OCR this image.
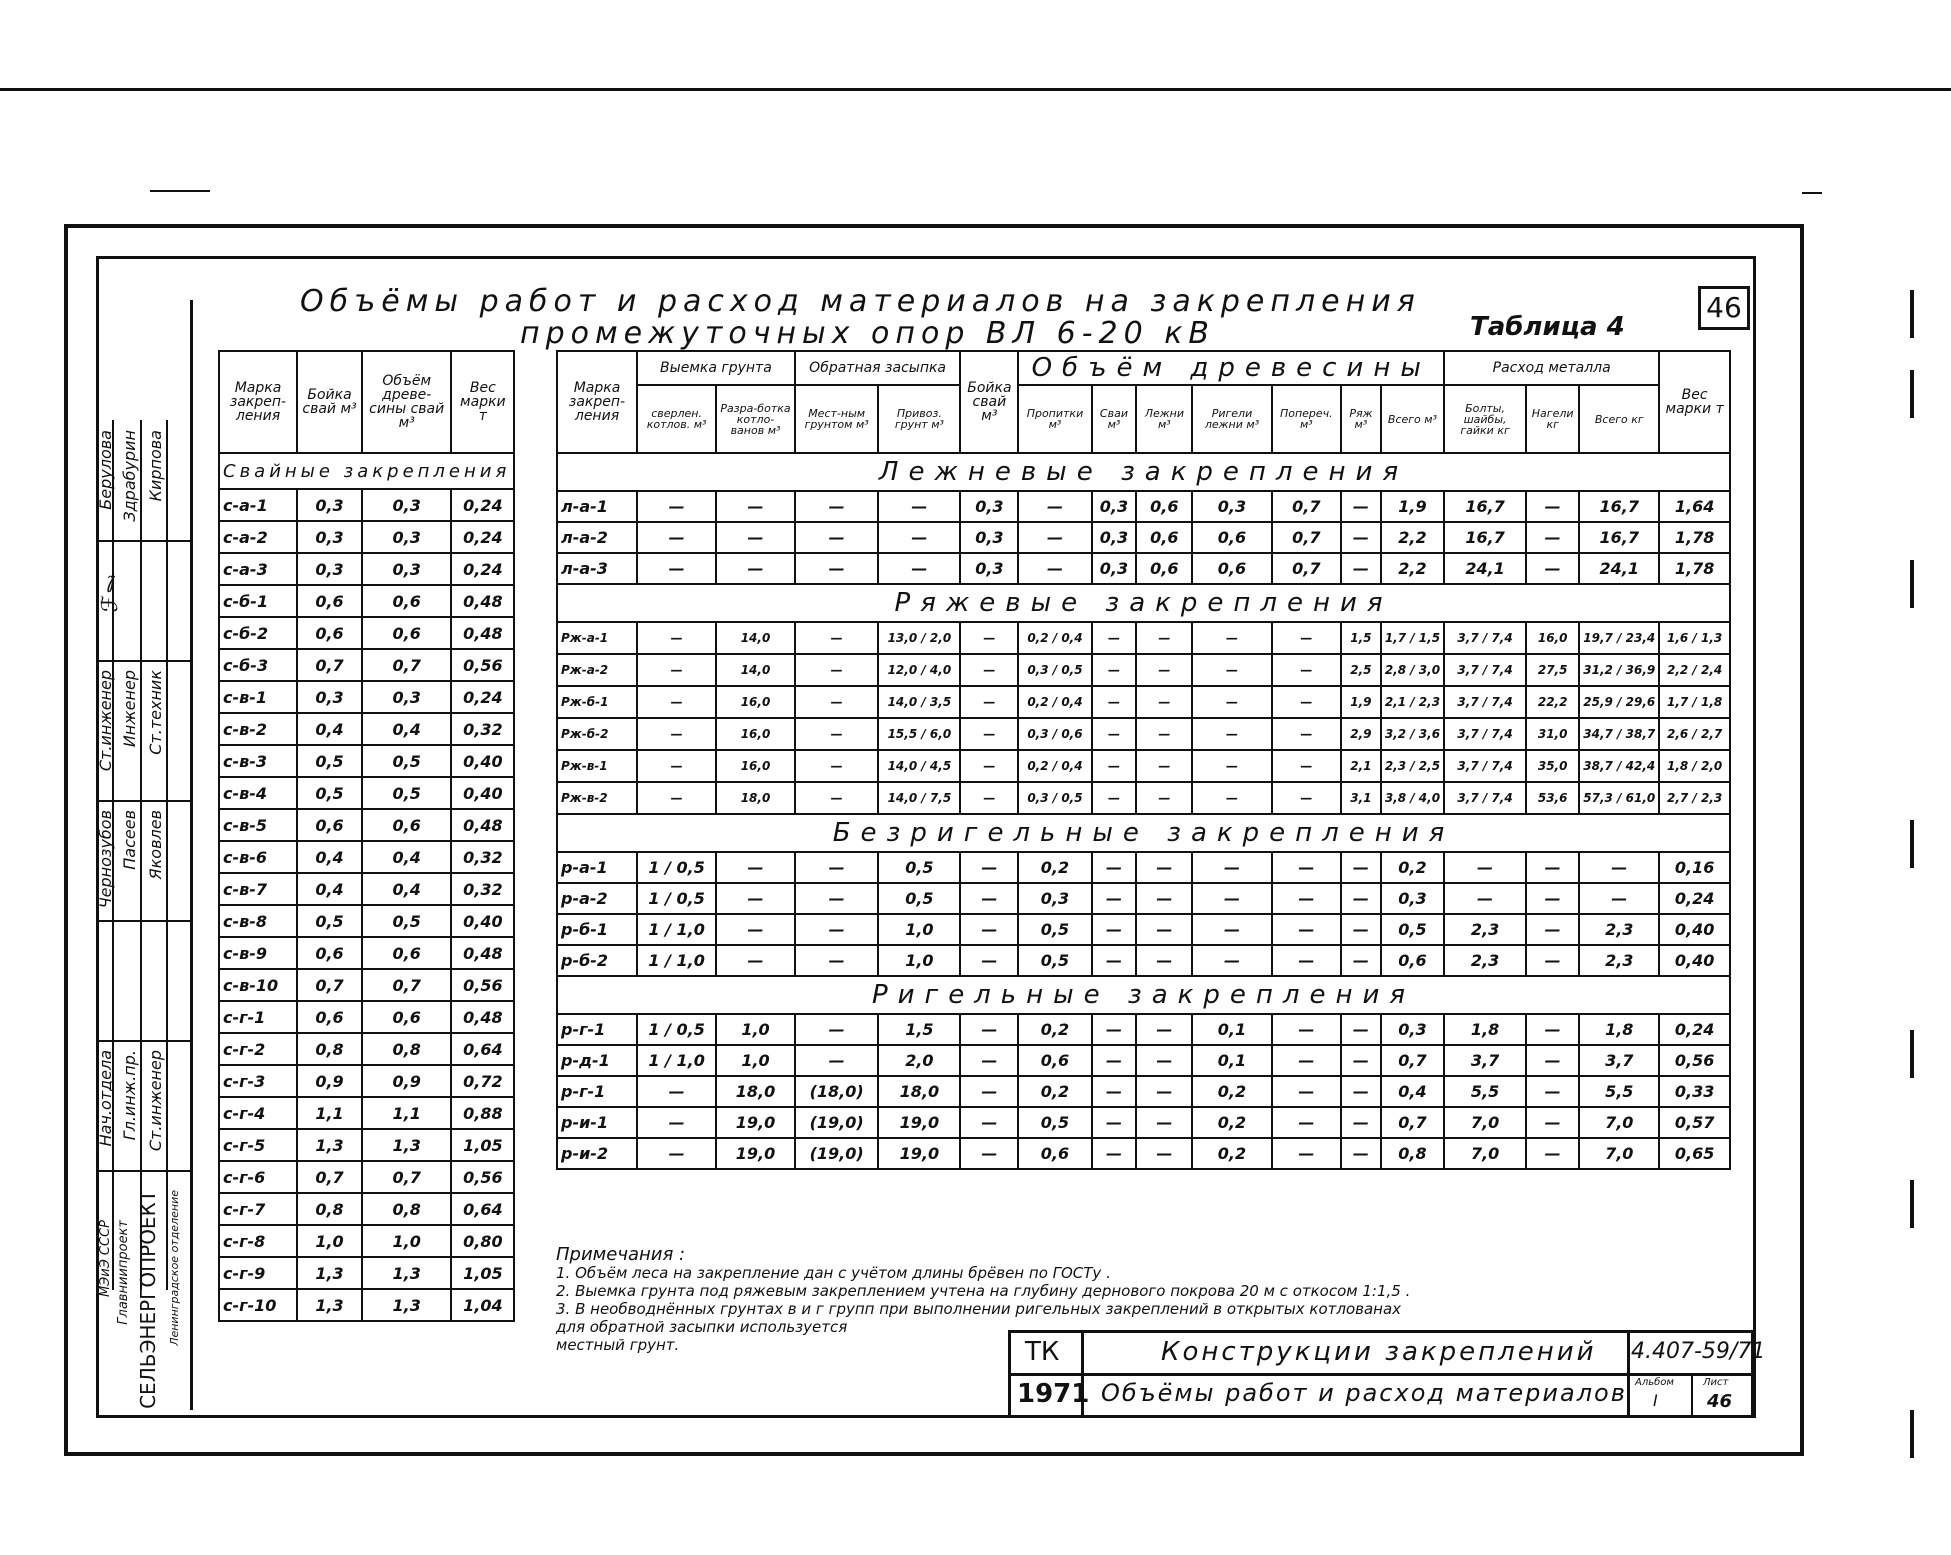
Объёмы работ и расход материалов на закрепления
промежуточных опор ВЛ 6-20 кВ	Таблица 4
46
Берулова Здрабурин Кирпова
ℱℓ
Ст.инженер Инженер Ст.техник
Чернозубов Пасеев Яковлев
Нач.отдела Гл.инж.пр. Ст.инженер
МЭиЭ СССР Главниипроект СЕЛЬЭНЕРГОПРОЕКТ Ленинградское отделение
Марка закреп-ления	Бойка свай м³	Объём древе-сины свай м³	Вес марки т
Свайные закрепления			
с-а-1	0,3	0,3	0,24
с-а-2	0,3	0,3	0,24
с-а-3	0,3	0,3	0,24
с-б-1	0,6	0,6	0,48
с-б-2	0,6	0,6	0,48
с-б-3	0,7	0,7	0,56
с-в-1	0,3	0,3	0,24
с-в-2	0,4	0,4	0,32
с-в-3	0,5	0,5	0,40
с-в-4	0,5	0,5	0,40
с-в-5	0,6	0,6	0,48
с-в-6	0,4	0,4	0,32
с-в-7	0,4	0,4	0,32
с-в-8	0,5	0,5	0,40
с-в-9	0,6	0,6	0,48
с-в-10	0,7	0,7	0,56
с-г-1	0,6	0,6	0,48
с-г-2	0,8	0,8	0,64
с-г-3	0,9	0,9	0,72
с-г-4	1,1	1,1	0,88
с-г-5	1,3	1,3	1,05
с-г-6	0,7	0,7	0,56
с-г-7	0,8	0,8	0,64
с-г-8	1,0	1,0	0,80
с-г-9	1,3	1,3	1,05
с-г-10	1,3	1,3	1,04
Марка закреп-ления	Выемка грунта		Обратная засыпка		Бойка свай м³	Объём древесины							Расход металла			Вес марки т
	сверлен. котлов. м³	Разра-ботка котло-ванов м³	Мест-ным грунтом м³	Привоз. грунт м³		Пропитки м³	Сваи м³	Лежни м³	Ригели лежни м³	Попереч. м³	Ряж м³	Всего м³	Болты, шайбы, гайки кг	Нагели кг	Всего кг	
Лежневые закрепления																
л-а-1	—	—	—	—	0,3	—	0,3	0,6	0,3	0,7	—	1,9	16,7	—	16,7	1,64
л-а-2	—	—	—	—	0,3	—	0,3	0,6	0,6	0,7	—	2,2	16,7	—	16,7	1,78
л-а-3	—	—	—	—	0,3	—	0,3	0,6	0,6	0,7	—	2,2	24,1	—	24,1	1,78
Ряжевые закрепления																
Рж-а-1	—	14,0	—	13,0 / 2,0	—	0,2 / 0,4	—	—	—	—	1,5	1,7 / 1,5	3,7 / 7,4	16,0	19,7 / 23,4	1,6 / 1,3
Рж-а-2	—	14,0	—	12,0 / 4,0	—	0,3 / 0,5	—	—	—	—	2,5	2,8 / 3,0	3,7 / 7,4	27,5	31,2 / 36,9	2,2 / 2,4
Рж-б-1	—	16,0	—	14,0 / 3,5	—	0,2 / 0,4	—	—	—	—	1,9	2,1 / 2,3	3,7 / 7,4	22,2	25,9 / 29,6	1,7 / 1,8
Рж-б-2	—	16,0	—	15,5 / 6,0	—	0,3 / 0,6	—	—	—	—	2,9	3,2 / 3,6	3,7 / 7,4	31,0	34,7 / 38,7	2,6 / 2,7
Рж-в-1	—	16,0	—	14,0 / 4,5	—	0,2 / 0,4	—	—	—	—	2,1	2,3 / 2,5	3,7 / 7,4	35,0	38,7 / 42,4	1,8 / 2,0
Рж-в-2	—	18,0	—	14,0 / 7,5	—	0,3 / 0,5	—	—	—	—	3,1	3,8 / 4,0	3,7 / 7,4	53,6	57,3 / 61,0	2,7 / 2,3
Безригельные закрепления																
р-а-1	1 / 0,5	—	—	0,5	—	0,2	—	—	—	—	—	0,2	—	—	—	0,16
р-а-2	1 / 0,5	—	—	0,5	—	0,3	—	—	—	—	—	0,3	—	—	—	0,24
р-б-1	1 / 1,0	—	—	1,0	—	0,5	—	—	—	—	—	0,5	2,3	—	2,3	0,40
р-б-2	1 / 1,0	—	—	1,0	—	0,5	—	—	—	—	—	0,6	2,3	—	2,3	0,40
Ригельные закрепления																
р-г-1	1 / 0,5	1,0	—	1,5	—	0,2	—	—	0,1	—	—	0,3	1,8	—	1,8	0,24
р-д-1	1 / 1,0	1,0	—	2,0	—	0,6	—	—	0,1	—	—	0,7	3,7	—	3,7	0,56
р-г-1	—	18,0	(18,0)	18,0	—	0,2	—	—	0,2	—	—	0,4	5,5	—	5,5	0,33
р-и-1	—	19,0	(19,0)	19,0	—	0,5	—	—	0,2	—	—	0,7	7,0	—	7,0	0,57
р-и-2	—	19,0	(19,0)	19,0	—	0,6	—	—	0,2	—	—	0,8	7,0	—	7,0	0,65
Примечания :
1. Объём леса на закрепление дан с учётом длины брёвен по ГОСТу .
2. Выемка грунта под ряжевым закреплением учтена на глубину дернового покрова 20 м с откосом 1:1,5 .
3. В необводнённых грунтах в и г групп при выполнении ригельных закреплений в открытых котлованах
для обратной засыпки используется
местный грунт.	ТК
1971
Конструкции закреплений
Объёмы работ и расход материалов
4.407-59/71
Альбом
I
Лист
46
